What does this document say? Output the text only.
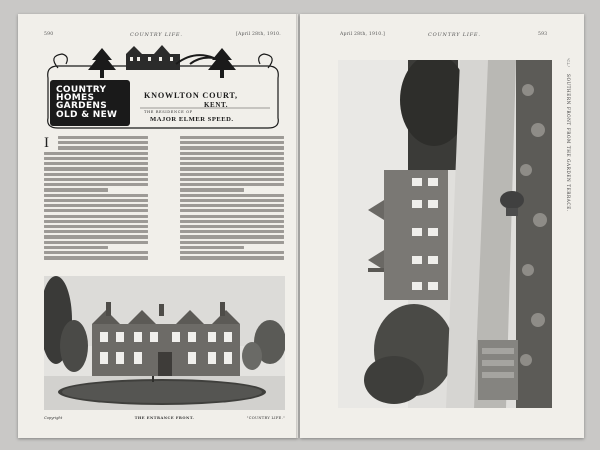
590	COUNTRY LIFE.	[April 28th, 1910.
COUNTRY
HOMES
GARDENS
OLD & NEW
KNOWLTON COURT,
KENT.
THE RESIDENCE OF
MAJOR ELMER SPEED.
I
Copyright	THE ENTRANCE FRONT.	"COUNTRY LIFE."
April 28th, 1910.]	COUNTRY LIFE.	593
"C.L."
SOUTHERN FRONT FROM THE GARDEN TERRACE.
